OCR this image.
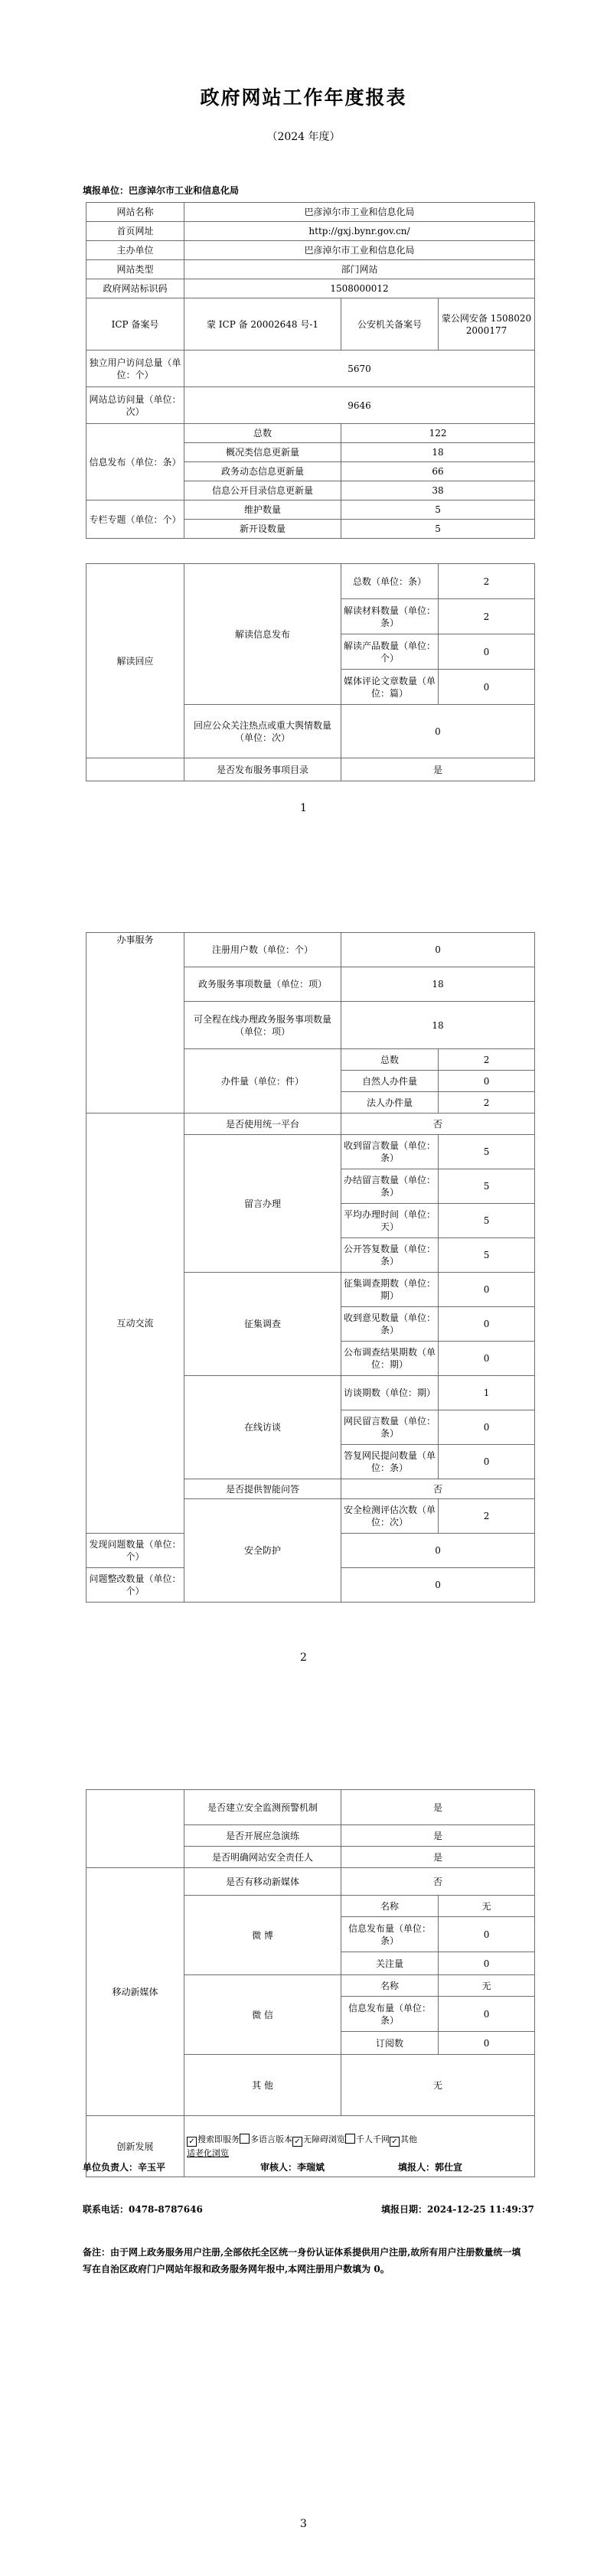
政府网站工作年度报表
（2024 年度）
填报单位：巴彦淖尔市工业和信息化局
网站名称	巴彦淖尔市工业和信息化局		
首页网址	http://gxj.bynr.gov.cn/		
主办单位	巴彦淖尔市工业和信息化局		
网站类型	部门网站		
政府网站标识码	1508000012		
ICP 备案号	蒙 ICP 备 20002648 号-1	公安机关备案号	蒙公网安备 15080202000177
独立用户访问总量（单位：个）	5670		
网站总访问量（单位：次）	9646		
信息发布（单位：条）	总数	122	
	概况类信息更新量	18	
	政务动态信息更新量	66	
	信息公开目录信息更新量	38	
专栏专题（单位：个）	维护数量	5	
	新开设数量	5	
解读回应	解读信息发布	总数（单位：条）	2
		解读材料数量（单位：条）	2
		解读产品数量（单位：个）	0
		媒体评论文章数量（单位：篇）	0
	回应公众关注热点或重大舆情数量（单位：次）	0	
	是否发布服务事项目录	是	
1
办事服务	注册用户数（单位：个）	0	
	政务服务事项数量（单位：项）	18	
	可全程在线办理政务服务事项数量（单位：项）	18	
	办件量（单位：件）	总数	2
		自然人办件量	0
		法人办件量	2
互动交流	是否使用统一平台	否	
	留言办理	收到留言数量（单位：条）	5
		办结留言数量（单位：条）	5
		平均办理时间（单位：天）	5
		公开答复数量（单位：条）	5
	征集调查	征集调查期数（单位：期）	0
		收到意见数量（单位：条）	0
		公布调查结果期数（单位：期）	0
	在线访谈	访谈期数（单位：期）	1
		网民留言数量（单位：条）	0
		答复网民提问数量（单位：条）	0
	是否提供智能问答	否	
	安全防护	安全检测评估次数（单位：次）	2
发现问题数量（单位：个）		0	
问题整改数量（单位：个）		0	
2
	是否建立安全监测预警机制	是	
	是否开展应急演练	是	
	是否明确网站安全责任人	是	
移动新媒体	是否有移动新媒体	否	
	微 博	名称	无
		信息发布量（单位：条）	0
		关注量	0
	微 信	名称	无
		信息发布量（单位：条）	0
		订阅数	0
	其 他	无	
创新发展	✓ 搜索即服务 多语言版本 ✓ 无障碍浏览 千人千网 ✓ 其他
适老化浏览		
单位负责人：辛玉平	审核人：李瑞斌	填报人：郭仕宣
联系电话：0478-8787646	填报日期：2024-12-25 11:49:37
备注：由于网上政务服务用户注册,全部依托全区统一身份认证体系提供用户注册,故所有用户注册数量统一填写在自治区政府门户网站年报和政务服务网年报中,本网注册用户数填为 0。
3
